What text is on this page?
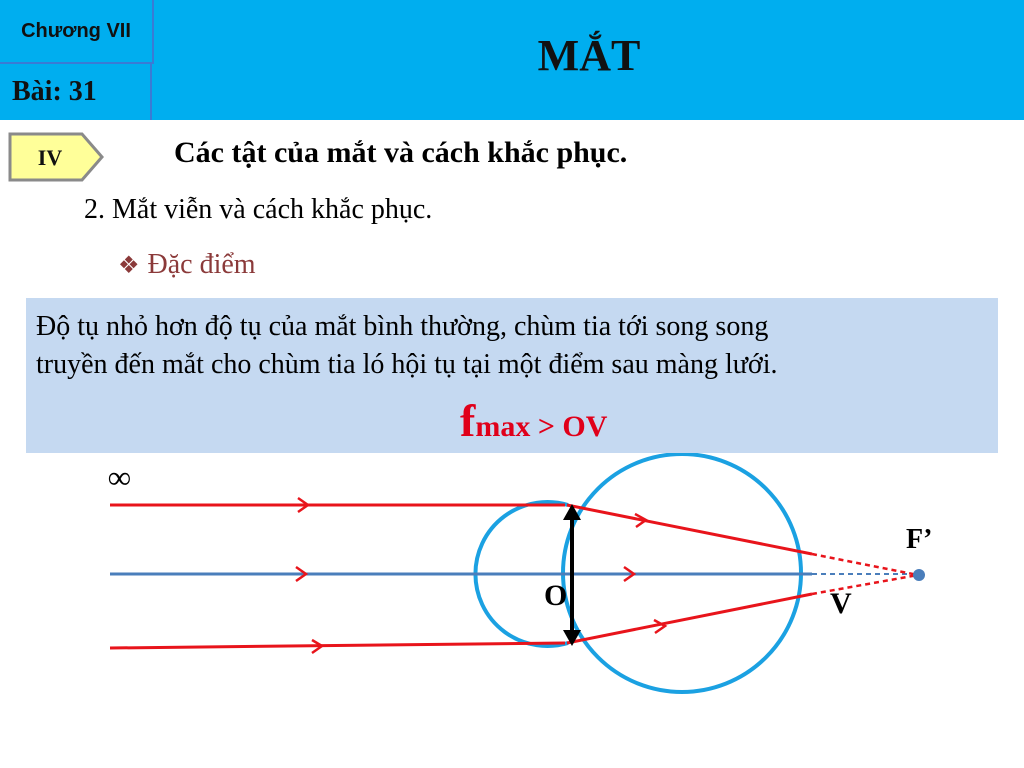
Chương VII
Bài: 31
MẮT
IV
∞
F’
O	V
Các tật của mắt và cách khắc phục.
2. Mắt viễn và cách khắc phục.
❖ Đặc điểm
Độ tụ nhỏ hơn độ tụ của mắt bình thường, chùm tia tới song song
truyền đến mắt cho chùm tia ló hội tụ tại một điểm sau màng lưới.
fmax > OV
